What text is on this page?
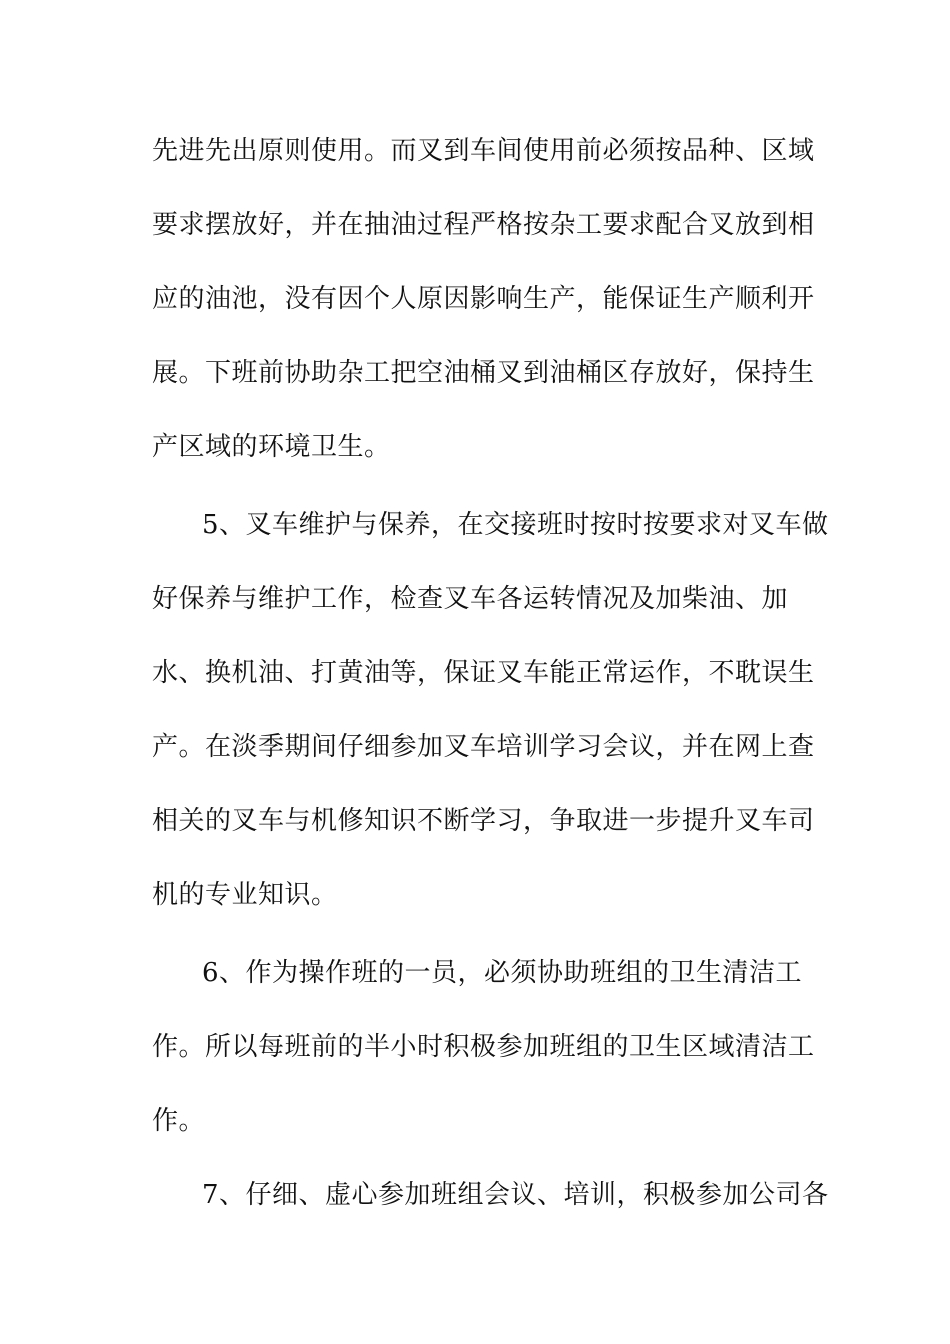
先进先出原则使用。而叉到车间使用前必须按品种、区域

要求摆放好，并在抽油过程严格按杂工要求配合叉放到相

应的油池，没有因个人原因影响生产，能保证生产顺利开

展。下班前协助杂工把空油桶叉到油桶区存放好，保持生

产区域的环境卫生。

5、叉车维护与保养，在交接班时按时按要求对叉车做

好保养与维护工作，检查叉车各运转情况及加柴油、加

水、换机油、打黄油等，保证叉车能正常运作，不耽误生

产。在淡季期间仔细参加叉车培训学习会议，并在网上查

相关的叉车与机修知识不断学习，争取进一步提升叉车司

机的专业知识。

6、作为操作班的一员，必须协助班组的卫生清洁工

作。所以每班前的半小时积极参加班组的卫生区域清洁工

作。

7、仔细、虚心参加班组会议、培训，积极参加公司各
